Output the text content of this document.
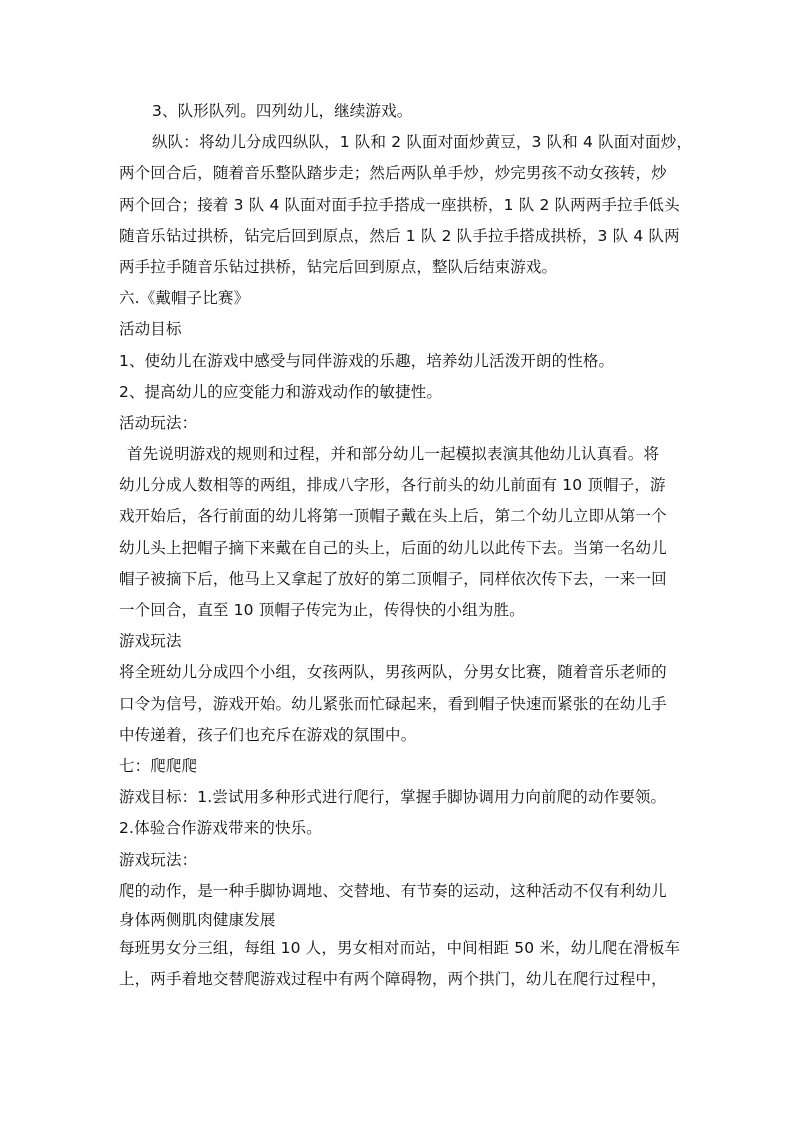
3、队形队列。四列幼儿，继续游戏。
纵队：将幼儿分成四纵队，1 队和 2 队面对面炒黄豆，3 队和 4 队面对面炒，
两个回合后，随着音乐整队踏步走；然后两队单手炒，炒完男孩不动女孩转，炒
两个回合；接着 3 队 4 队面对面手拉手搭成一座拱桥，1 队 2 队两两手拉手低头
随音乐钻过拱桥，钻完后回到原点，然后 1 队 2 队手拉手搭成拱桥，3 队 4 队两
两手拉手随音乐钻过拱桥，钻完后回到原点，整队后结束游戏。
六.《戴帽子比赛》
活动目标
1、使幼儿在游戏中感受与同伴游戏的乐趣，培养幼儿活泼开朗的性格。
2、提高幼儿的应变能力和游戏动作的敏捷性。
活动玩法：
首先说明游戏的规则和过程，并和部分幼儿一起模拟表演其他幼儿认真看。将
幼儿分成人数相等的两组，排成八字形，各行前头的幼儿前面有 10 顶帽子，游
戏开始后，各行前面的幼儿将第一顶帽子戴在头上后，第二个幼儿立即从第一个
幼儿头上把帽子摘下来戴在自己的头上，后面的幼儿以此传下去。当第一名幼儿
帽子被摘下后，他马上又拿起了放好的第二顶帽子，同样依次传下去，一来一回
一个回合，直至 10 顶帽子传完为止，传得快的小组为胜。
游戏玩法
将全班幼儿分成四个小组，女孩两队，男孩两队，分男女比赛，随着音乐老师的
口令为信号，游戏开始。幼儿紧张而忙碌起来，看到帽子快速而紧张的在幼儿手
中传递着，孩子们也充斥在游戏的氛围中。
七：爬爬爬
游戏目标：1.尝试用多种形式进行爬行，掌握手脚协调用力向前爬的动作要领。
2.体验合作游戏带来的快乐。
游戏玩法：
爬的动作，是一种手脚协调地、交替地、有节奏的运动，这种活动不仅有利幼儿
身体两侧肌肉健康发展
每班男女分三组，每组 10 人，男女相对而站，中间相距 50 米，幼儿爬在滑板车
上，两手着地交替爬游戏过程中有两个障碍物，两个拱门，幼儿在爬行过程中，
